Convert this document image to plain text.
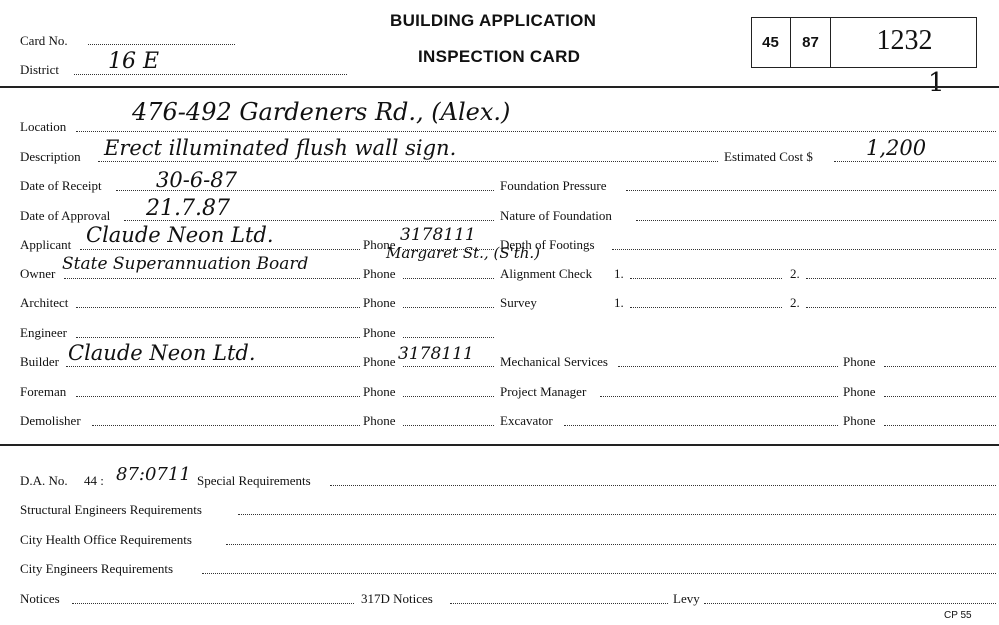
Card No.
District 16 E
BUILDING APPLICATION
INSPECTION CARD
45	87	1232
1
Location
476-492 Gardeners Rd., (Alex.)
Description Erect illuminated flush wall sign.	Estimated Cost $	1,200
Date of Receipt	30-6-87
Date of Approval 21.7.87
Applicant Claude Neon Ltd.	Phone 3178111
Owner State Superannuation Board	Phone
Margaret St., (S'th.)
Architect	Phone
Engineer	Phone
Builder Claude Neon Ltd.	Phone 3178111
Foreman	Phone
Demolisher	Phone
Foundation Pressure
Nature of Foundation
Depth of Footings
Alignment Check 1.	2.
Survey	1.	2.
Mechanical Services	Phone
Project Manager	Phone
Excavator	Phone
D.A. No. 44 : 87:0711 Special Requirements
Structural Engineers Requirements
City Health Office Requirements
City Engineers Requirements
Notices	317D Notices	Levy
CP 55
